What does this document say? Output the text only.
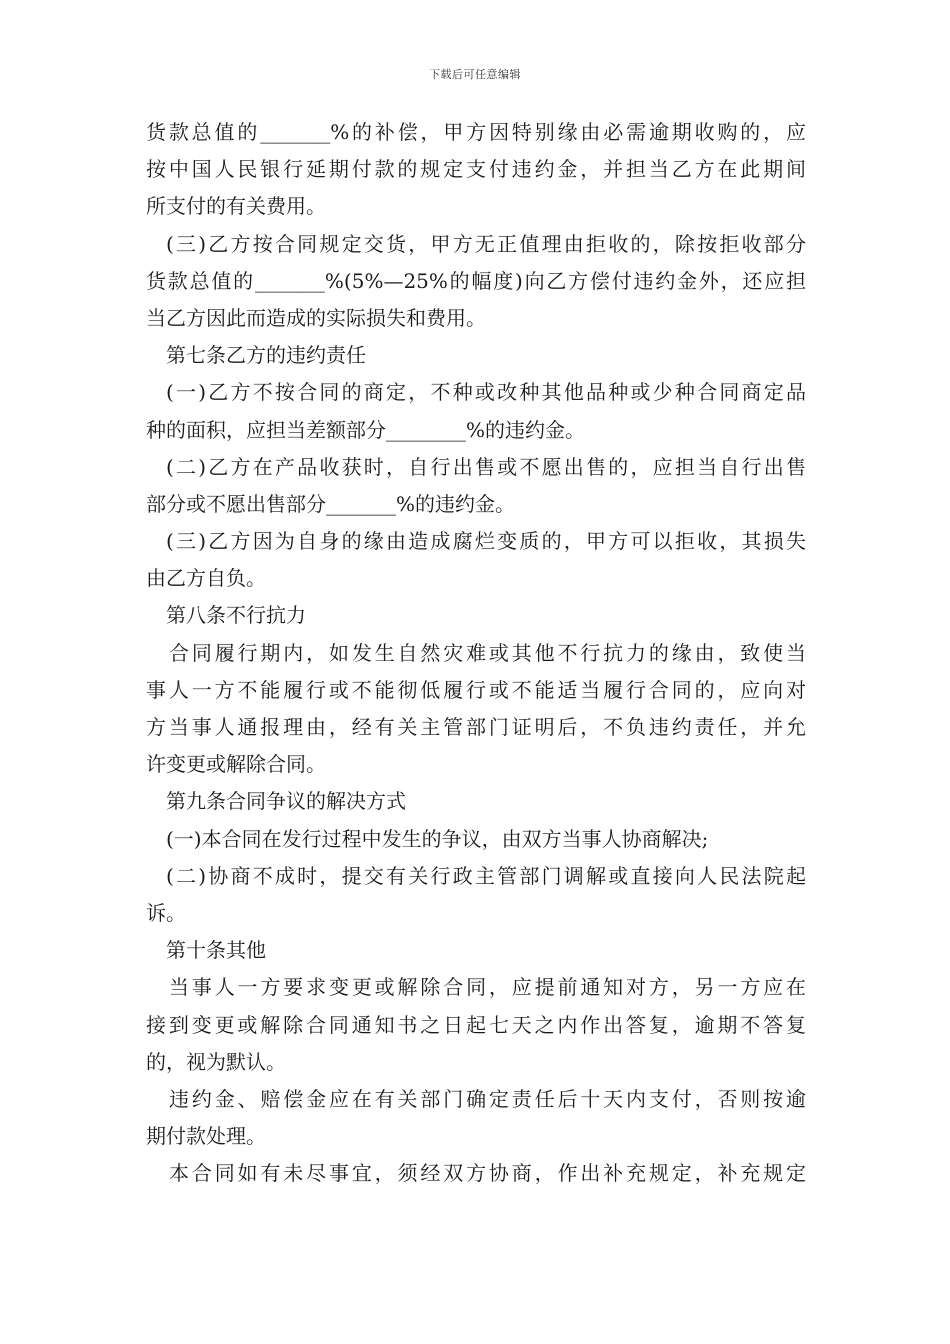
下载后可任意编辑
货款总值的_______%的补偿，甲方因特别缘由必需逾期收购的，应
按中国人民银行延期付款的规定支付违约金，并担当乙方在此期间
所支付的有关费用。
(三)乙方按合同规定交货，甲方无正值理由拒收的，除按拒收部分
货款总值的_______%(5%—25%的幅度)向乙方偿付违约金外，还应担
当乙方因此而造成的实际损失和费用。
第七条乙方的违约责任
(一)乙方不按合同的商定，不种或改种其他品种或少种合同商定品
种的面积，应担当差额部分________%的违约金。
(二)乙方在产品收获时，自行出售或不愿出售的，应担当自行出售
部分或不愿出售部分_______%的违约金。
(三)乙方因为自身的缘由造成腐烂变质的，甲方可以拒收，其损失
由乙方自负。
第八条不行抗力
合同履行期内，如发生自然灾难或其他不行抗力的缘由，致使当
事人一方不能履行或不能彻低履行或不能适当履行合同的，应向对
方当事人通报理由，经有关主管部门证明后，不负违约责任，并允
许变更或解除合同。
第九条合同争议的解决方式
(一)本合同在发行过程中发生的争议，由双方当事人协商解决;
(二)协商不成时，提交有关行政主管部门调解或直接向人民法院起
诉。
第十条其他
当事人一方要求变更或解除合同，应提前通知对方，另一方应在
接到变更或解除合同通知书之日起七天之内作出答复，逾期不答复
的，视为默认。
违约金、赔偿金应在有关部门确定责任后十天内支付，否则按逾
期付款处理。
本合同如有未尽事宜，须经双方协商，作出补充规定，补充规定
